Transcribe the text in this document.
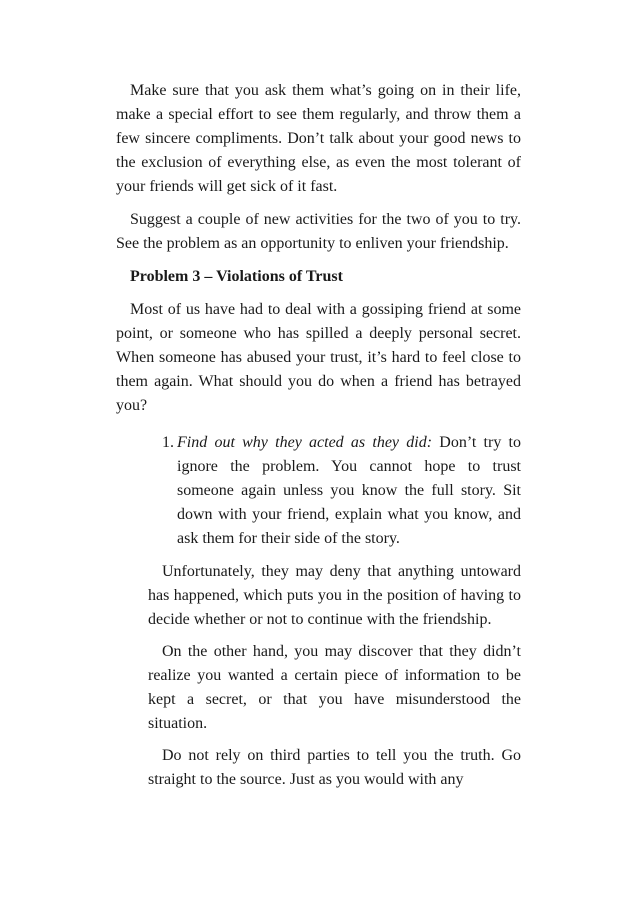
Make sure that you ask them what’s going on in their life, make a special effort to see them regularly, and throw them a few sincere compliments. Don’t talk about your good news to the exclusion of everything else, as even the most tolerant of your friends will get sick of it fast.

Suggest a couple of new activities for the two of you to try. See the problem as an opportunity to enliven your friendship.

Problem 3 – Violations of Trust

Most of us have had to deal with a gossiping friend at some point, or someone who has spilled a deeply personal secret. When someone has abused your trust, it’s hard to feel close to them again. What should you do when a friend has betrayed you?

1. Find out why they acted as they did: Don’t try to ignore the problem. You cannot hope to trust someone again unless you know the full story. Sit down with your friend, explain what you know, and ask them for their side of the story.

Unfortunately, they may deny that anything untoward has happened, which puts you in the position of having to decide whether or not to continue with the friendship.

On the other hand, you may discover that they didn’t realize you wanted a certain piece of information to be kept a secret, or that you have misunderstood the situation.

Do not rely on third parties to tell you the truth. Go straight to the source. Just as you would with any
